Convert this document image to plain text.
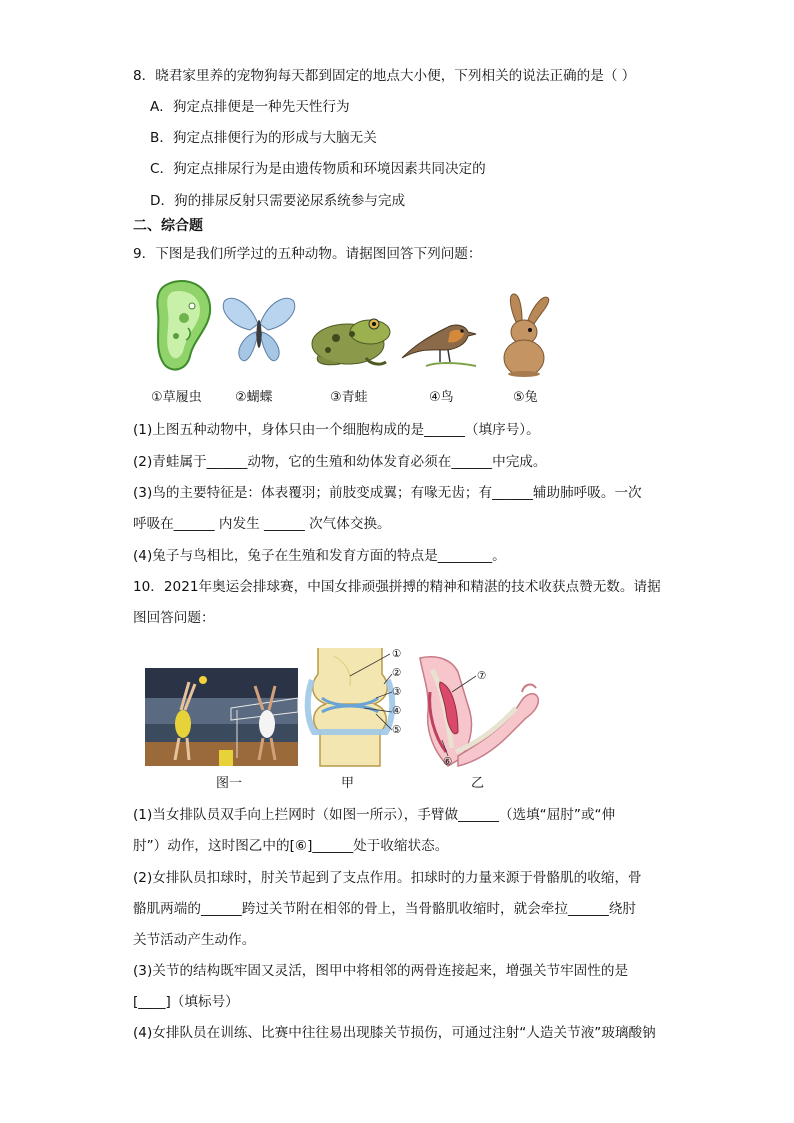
8．晓君家里养的宠物狗每天都到固定的地点大小便，下列相关的说法正确的是（ ）
A．狗定点排便是一种先天性行为
B．狗定点排便行为的形成与大脑无关
C．狗定点排尿行为是由遗传物质和环境因素共同决定的
D．狗的排尿反射只需要泌尿系统参与完成
二、综合题
9．下图是我们所学过的五种动物。请据图回答下列问题：
①草履虫	②蝴蝶	③青蛙	④鸟	⑤兔
(1)上图五种动物中，身体只由一个细胞构成的是______（填序号）。
(2)青蛙属于______动物，它的生殖和幼体发育必须在______中完成。
(3)鸟的主要特征是：体表覆羽；前肢变成翼；有喙无齿；有______辅助肺呼吸。一次
呼吸在______ 内发生 ______ 次气体交换。
(4)兔子与鸟相比，兔子在生殖和发育方面的特点是________。
10．2021年奥运会排球赛，中国女排顽强拼搏的精神和精湛的技术收获点赞无数。请据
图回答问题：
①
②
③
④
⑤
⑦
⑥
图一	甲	乙
(1)当女排队员双手向上拦网时（如图一所示），手臂做______（选填“屈肘”或“伸
肘”）动作，这时图乙中的[⑥]______处于收缩状态。
(2)女排队员扣球时，肘关节起到了支点作用。扣球时的力量来源于骨骼肌的收缩，骨
骼肌两端的______跨过关节附在相邻的骨上，当骨骼肌收缩时，就会牵拉______绕肘
关节活动产生动作。
(3)关节的结构既牢固又灵活，图甲中将相邻的两骨连接起来，增强关节牢固性的是
[____]（填标号）
(4)女排队员在训练、比赛中往往易出现膝关节损伤，可通过注射“人造关节液”玻璃酸钠
